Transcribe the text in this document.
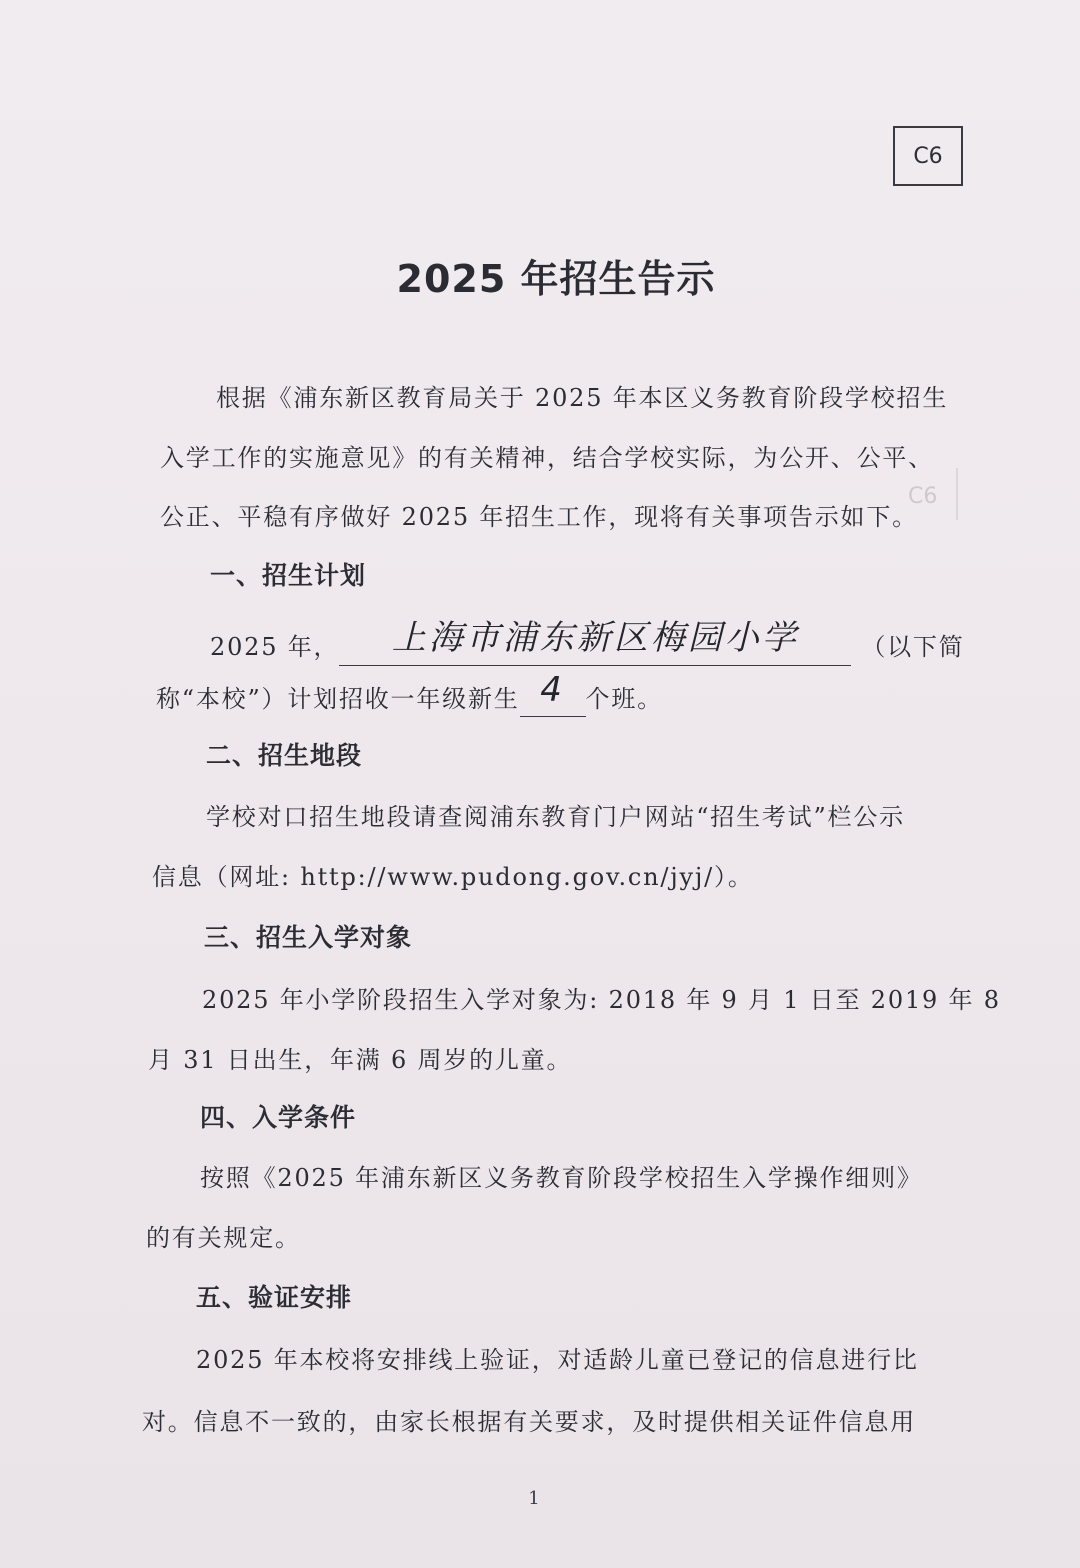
C6
C6
2025 年招生告示
根据《浦东新区教育局关于 2025 年本区义务教育阶段学校招生
入学工作的实施意见》的有关精神，结合学校实际，为公开、公平、
公正、平稳有序做好 2025 年招生工作，现将有关事项告示如下。
一、招生计划
2025 年， 上海市浦东新区梅园小学	（以下简
称“本校”）计划招收一年级新生 4 个班。
二、招生地段
学校对口招生地段请查阅浦东教育门户网站“招生考试”栏公示
信息（网址: http://www.pudong.gov.cn/jyj/）。
三、招生入学对象
2025 年小学阶段招生入学对象为: 2018 年 9 月 1 日至 2019 年 8
月 31 日出生，年满 6 周岁的儿童。
四、入学条件
按照《2025 年浦东新区义务教育阶段学校招生入学操作细则》
的有关规定。
五、验证安排
2025 年本校将安排线上验证，对适龄儿童已登记的信息进行比
对。信息不一致的，由家长根据有关要求，及时提供相关证件信息用
1
